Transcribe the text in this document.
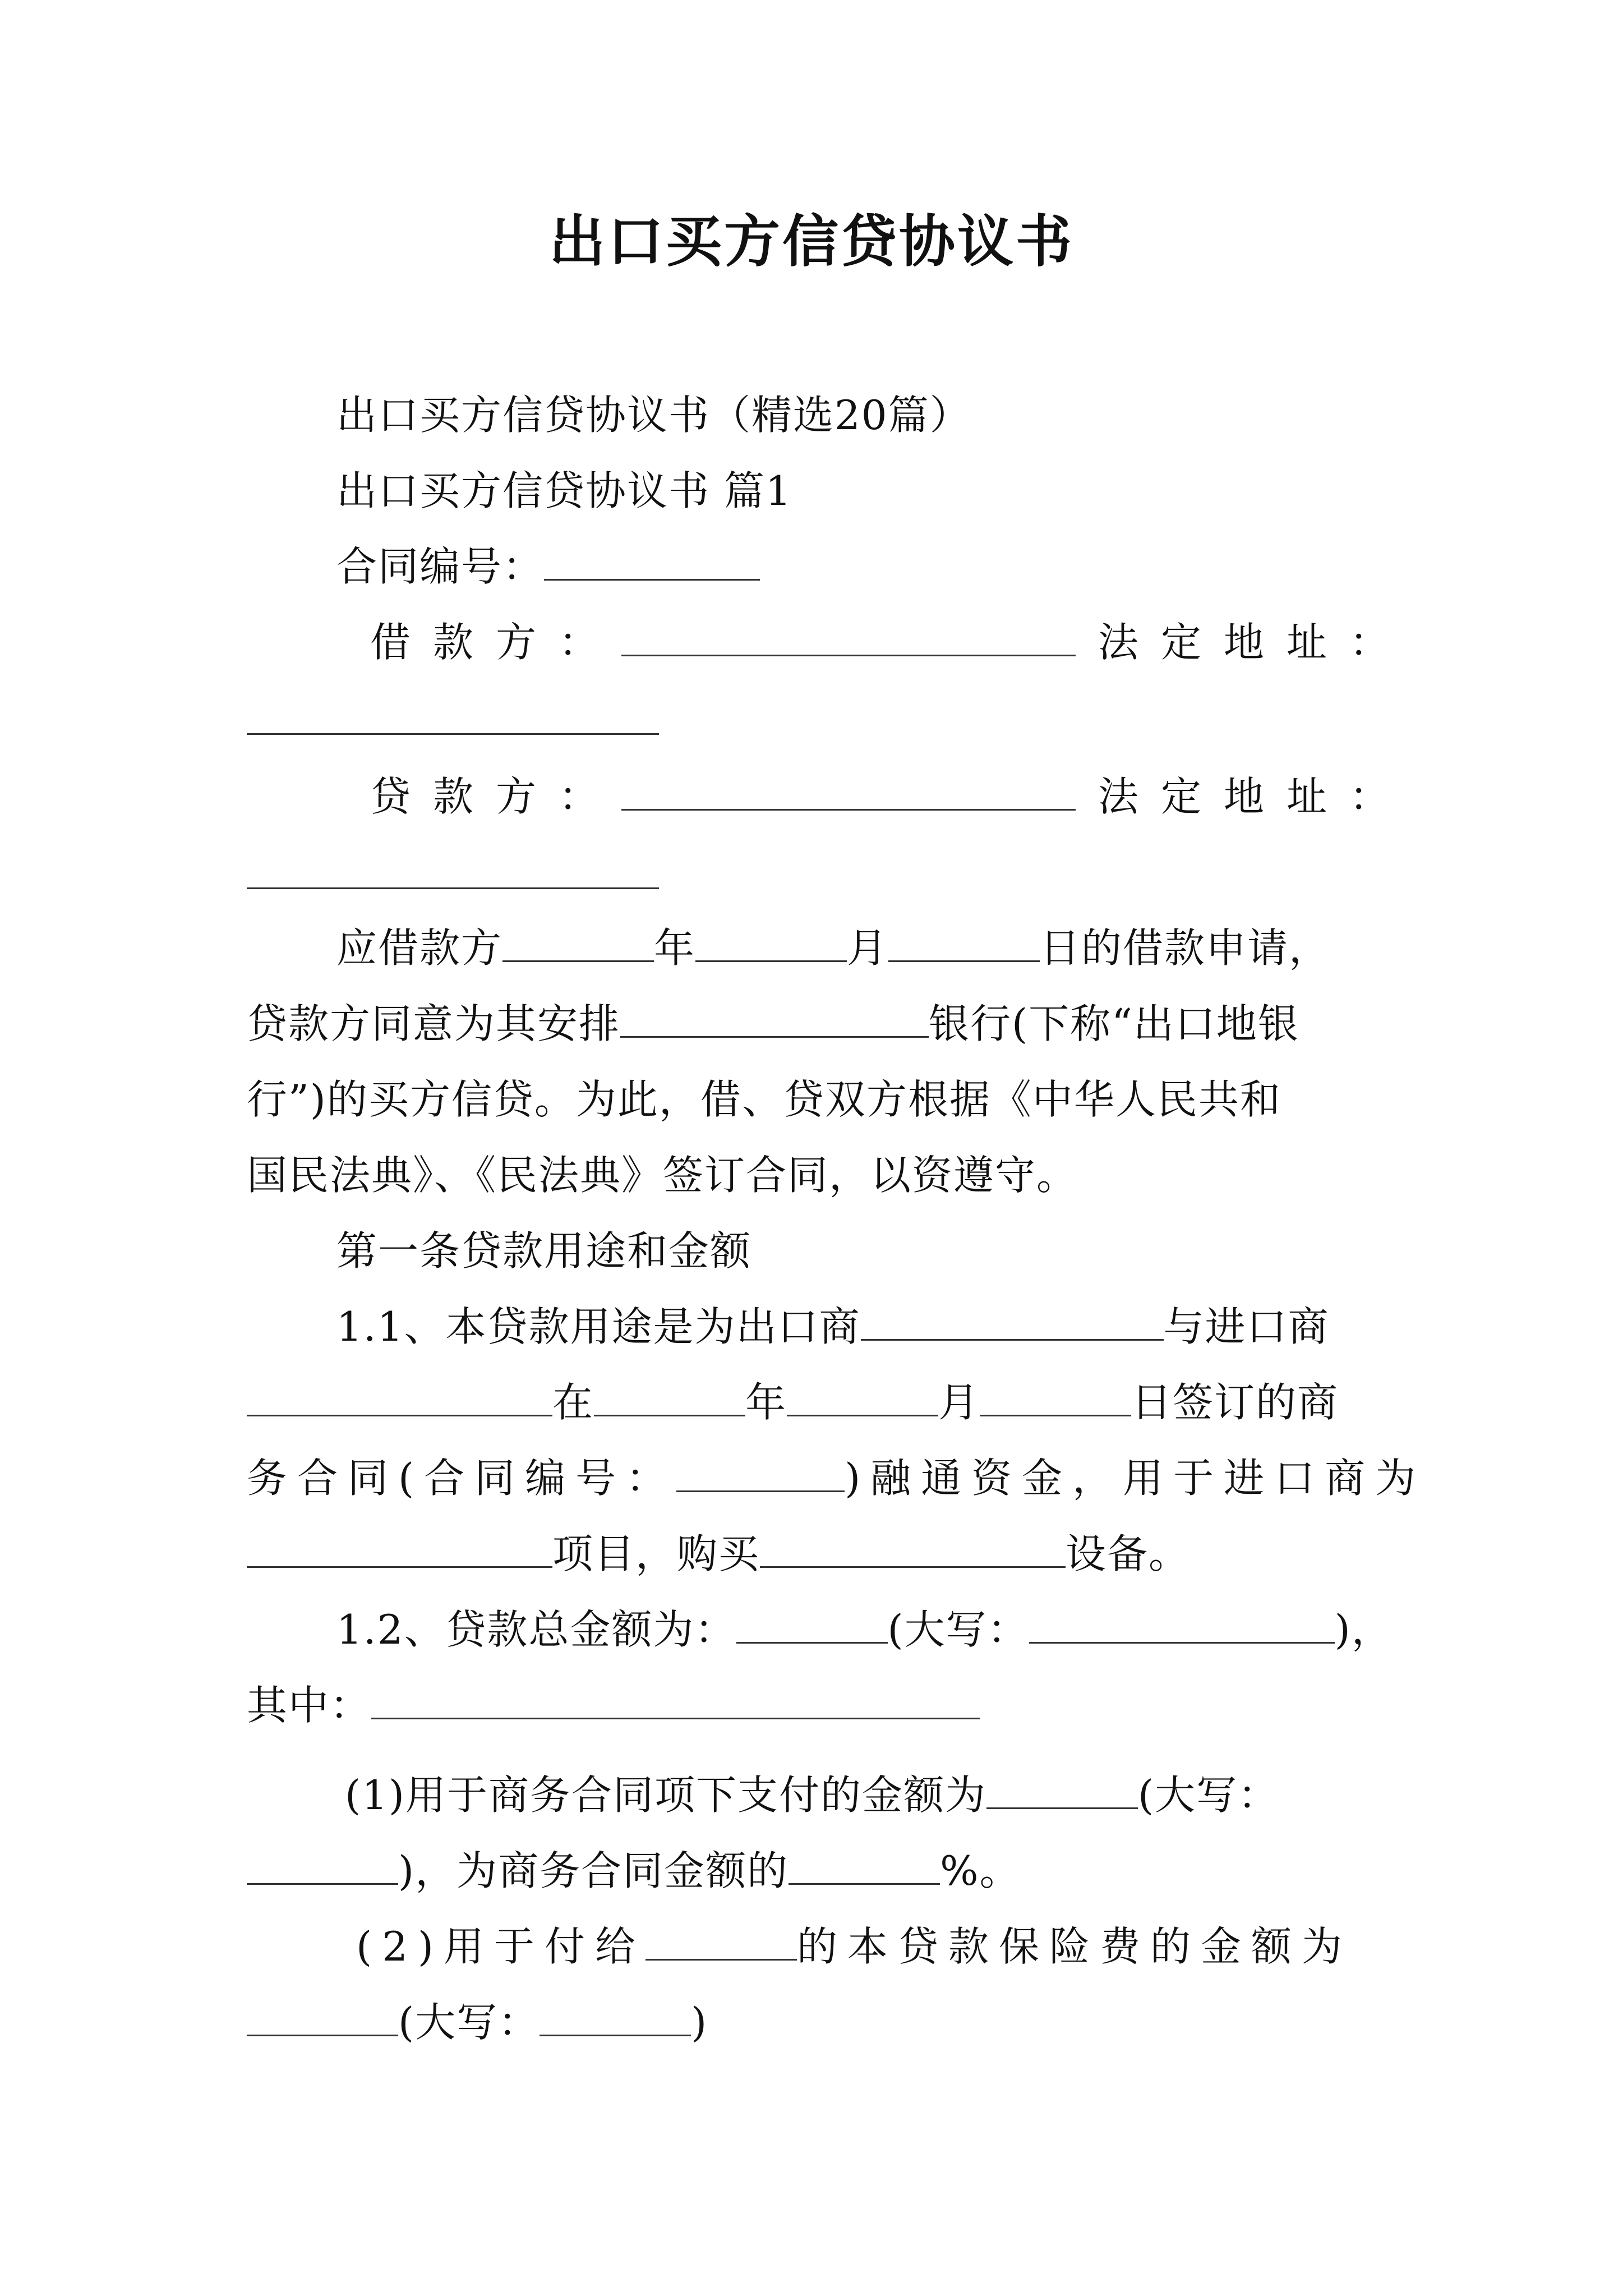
出口买方信贷协议书
出口买方信贷协议书（精选20篇）
出口买方信贷协议书 篇1
合同编号：
借款方：	法定地址：
贷款方：	法定地址：
应借款方	年	月	日的借款申请，
贷款方同意为其安排	银行(下称“出口地银
行”)的买方信贷。为此，借、贷双方根据《中华人民共和
国民法典》、《民法典》签订合同，以资遵守。
第一条贷款用途和金额
1.1、本贷款用途是为出口商	与进口商
在	年	月	日签订的商
务合同(合同编号：	)融通资金，用于进口商为
项目，购买	设备。
1.2、贷款总金额为：	(大写：	)，
其中：
(1)用于商务合同项下支付的金额为	(大写：
)，为商务合同金额的	%。
(2)用于付给	的本贷款保险费的金额为
(大写：	)
